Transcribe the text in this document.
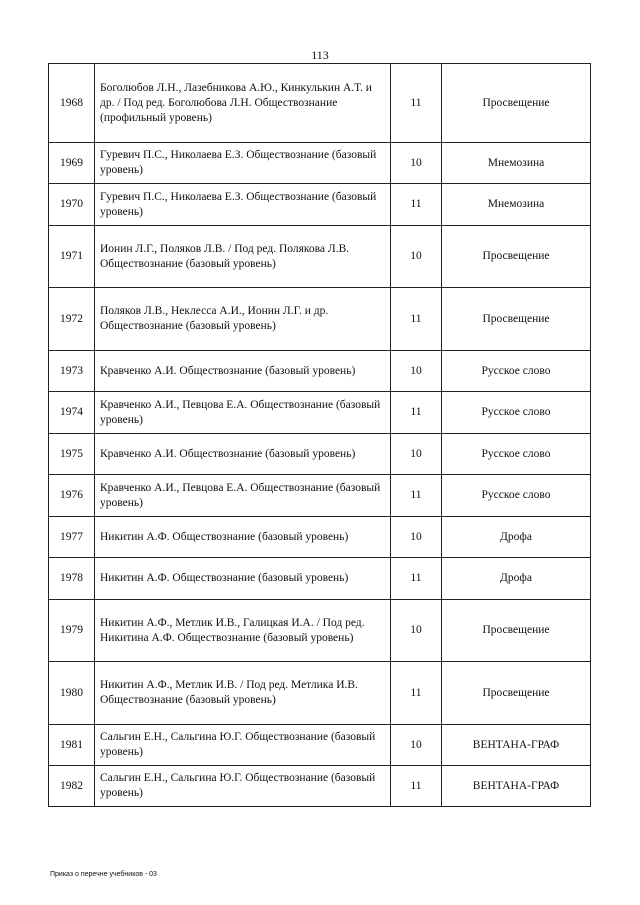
113
1968	Боголюбов Л.Н., Лазебникова А.Ю., Кинкулькин А.Т. и др. / Под ред. Боголюбова Л.Н. Обществознание (профильный уровень)	11	Просвещение
1969	Гуревич П.С., Николаева Е.З. Обществознание (базовый уровень)	10	Мнемозина
1970	Гуревич П.С., Николаева Е.З. Обществознание (базовый уровень)	11	Мнемозина
1971	Ионин Л.Г., Поляков Л.В. / Под ред. Полякова Л.В. Обществознание (базовый уровень)	10	Просвещение
1972	Поляков Л.В., Неклесса А.И., Ионин Л.Г. и др. Обществознание (базовый уровень)	11	Просвещение
1973	Кравченко А.И. Обществознание (базовый уровень)	10	Русское слово
1974	Кравченко А.И., Певцова Е.А. Обществознание (базовый уровень)	11	Русское слово
1975	Кравченко А.И. Обществознание (базовый уровень)	10	Русское слово
1976	Кравченко А.И., Певцова Е.А. Обществознание (базовый уровень)	11	Русское слово
1977	Никитин А.Ф. Обществознание (базовый уровень)	10	Дрофа
1978	Никитин А.Ф. Обществознание (базовый уровень)	11	Дрофа
1979	Никитин А.Ф., Метлик И.В., Галицкая И.А. / Под ред. Никитина А.Ф. Обществознание (базовый уровень)	10	Просвещение
1980	Никитин А.Ф., Метлик И.В. / Под ред. Метлика И.В. Обществознание (базовый уровень)	11	Просвещение
1981	Сальгин Е.Н., Сальгина Ю.Г. Обществознание (базовый уровень)	10	ВЕНТАНА-ГРАФ
1982	Сальгин Е.Н., Сальгина Ю.Г. Обществознание (базовый уровень)	11	ВЕНТАНА-ГРАФ
Приказ о перечне учебников - 03
